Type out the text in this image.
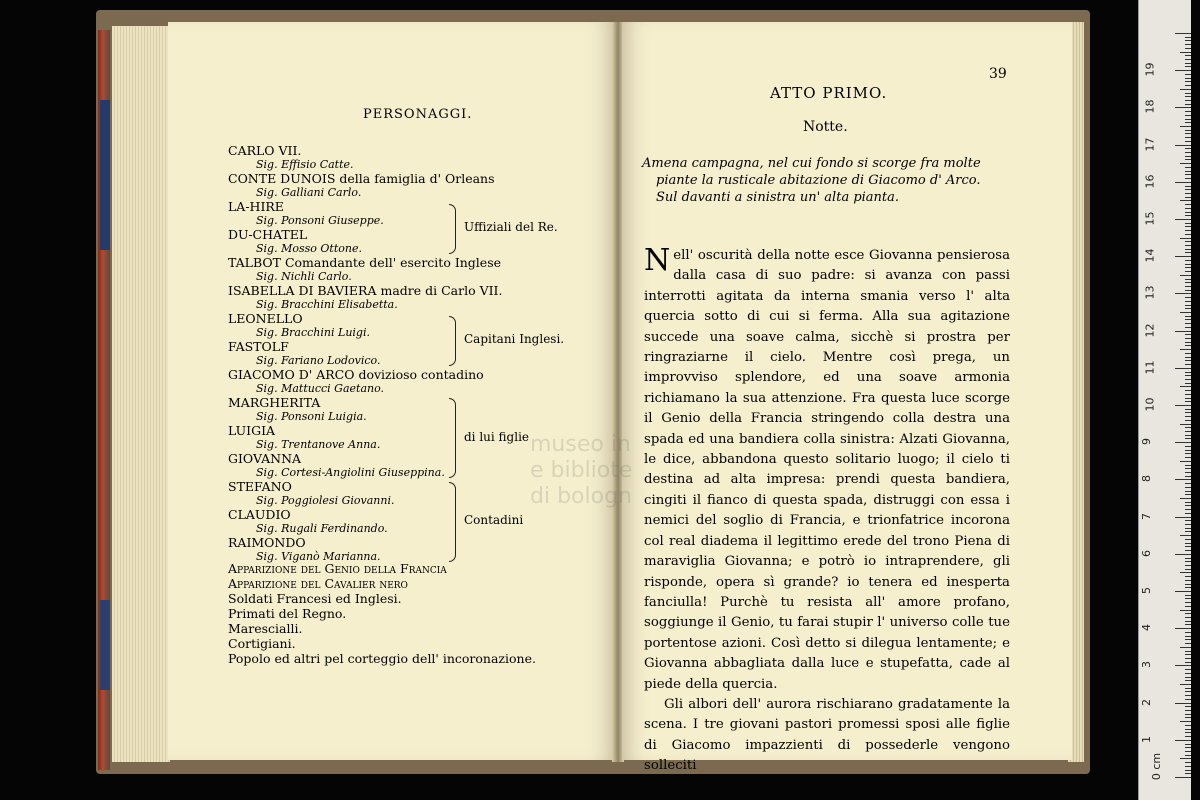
PERSONAGGI.
CARLO VII.
Sig. Effisio Catte.
CONTE DUNOIS della famiglia d' Orleans
Sig. Galliani Carlo.
LA-HIRE
Sig. Ponsoni Giuseppe.
DU-CHATEL
Sig. Mosso Ottone.
TALBOT Comandante dell' esercito Inglese
Sig. Nichli Carlo.
ISABELLA DI BAVIERA madre di Carlo VII.
Sig. Bracchini Elisabetta.
LEONELLO
Sig. Bracchini Luigi.
FASTOLF
Sig. Fariano Lodovico.
GIACOMO D' ARCO dovizioso contadino
Sig. Mattucci Gaetano.
MARGHERITA
Sig. Ponsoni Luigia.
LUIGIA
Sig. Trentanove Anna.
GIOVANNA
Sig. Cortesi-Angiolini Giuseppina.
STEFANO
Sig. Poggiolesi Giovanni.
CLAUDIO
Sig. Rugali Ferdinando.
RAIMONDO
Sig. Viganò Marianna.
Uffiziali del Re.
Capitani Inglesi.
di lui figlie
Contadini
Apparizione del Genio della Francia
Apparizione del Cavalier nero
Soldati Francesi ed Inglesi.
Primati del Regno.
Marescialli.
Cortigiani.
Popolo ed altri pel corteggio dell' incoronazione.
museo in
e bibliote
di bologn
39
ATTO PRIMO.
Notte.
Amena campagna, nel cui fondo si scorge fra molte
piante la rusticale abitazione di Giacomo d' Arco.
Sul davanti a sinistra un' alta pianta.

Nell' oscurità della notte esce Giovanna pensierosa dalla casa di suo padre: si avanza con passi interrotti agitata da interna smania verso l' alta quercia sotto di cui si ferma. Alla sua agitazione succede una soave calma, sicchè si prostra per ringraziarne il cielo. Mentre così prega, un improvviso splendore, ed una soave armonia richiamano la sua attenzione. Fra questa luce scorge il Genio della Francia stringendo colla destra una spada ed una bandiera colla sinistra: Alzati Giovanna, le dice, abbandona questo solitario luogo; il cielo ti destina ad alta impresa: prendi questa bandiera, cingiti il fianco di questa spada, distruggi con essa i nemici del soglio di Francia, e trionfatrice incorona col real diadema il legittimo erede del trono Piena di maraviglia Giovanna; e potrò io intraprendere, gli risponde, opera sì grande? io tenera ed inesperta fanciulla! Purchè tu resista all' amore profano, soggiunge il Genio, tu farai stupir l' universo colle tue portentose azioni. Così detto si dilegua lentamente; e Giovanna abbagliata dalla luce e stupefatta, cade al piede della quercia.

Gli albori dell' aurora rischiarano gradatamente la scena. I tre giovani pastori promessi sposi alle figlie di Giacomo impazzienti di possederle vengono solleciti	0 cm
1
2
3
4
5
6
7
8
9
10
11
12
13
14
15
16
17
18
19
